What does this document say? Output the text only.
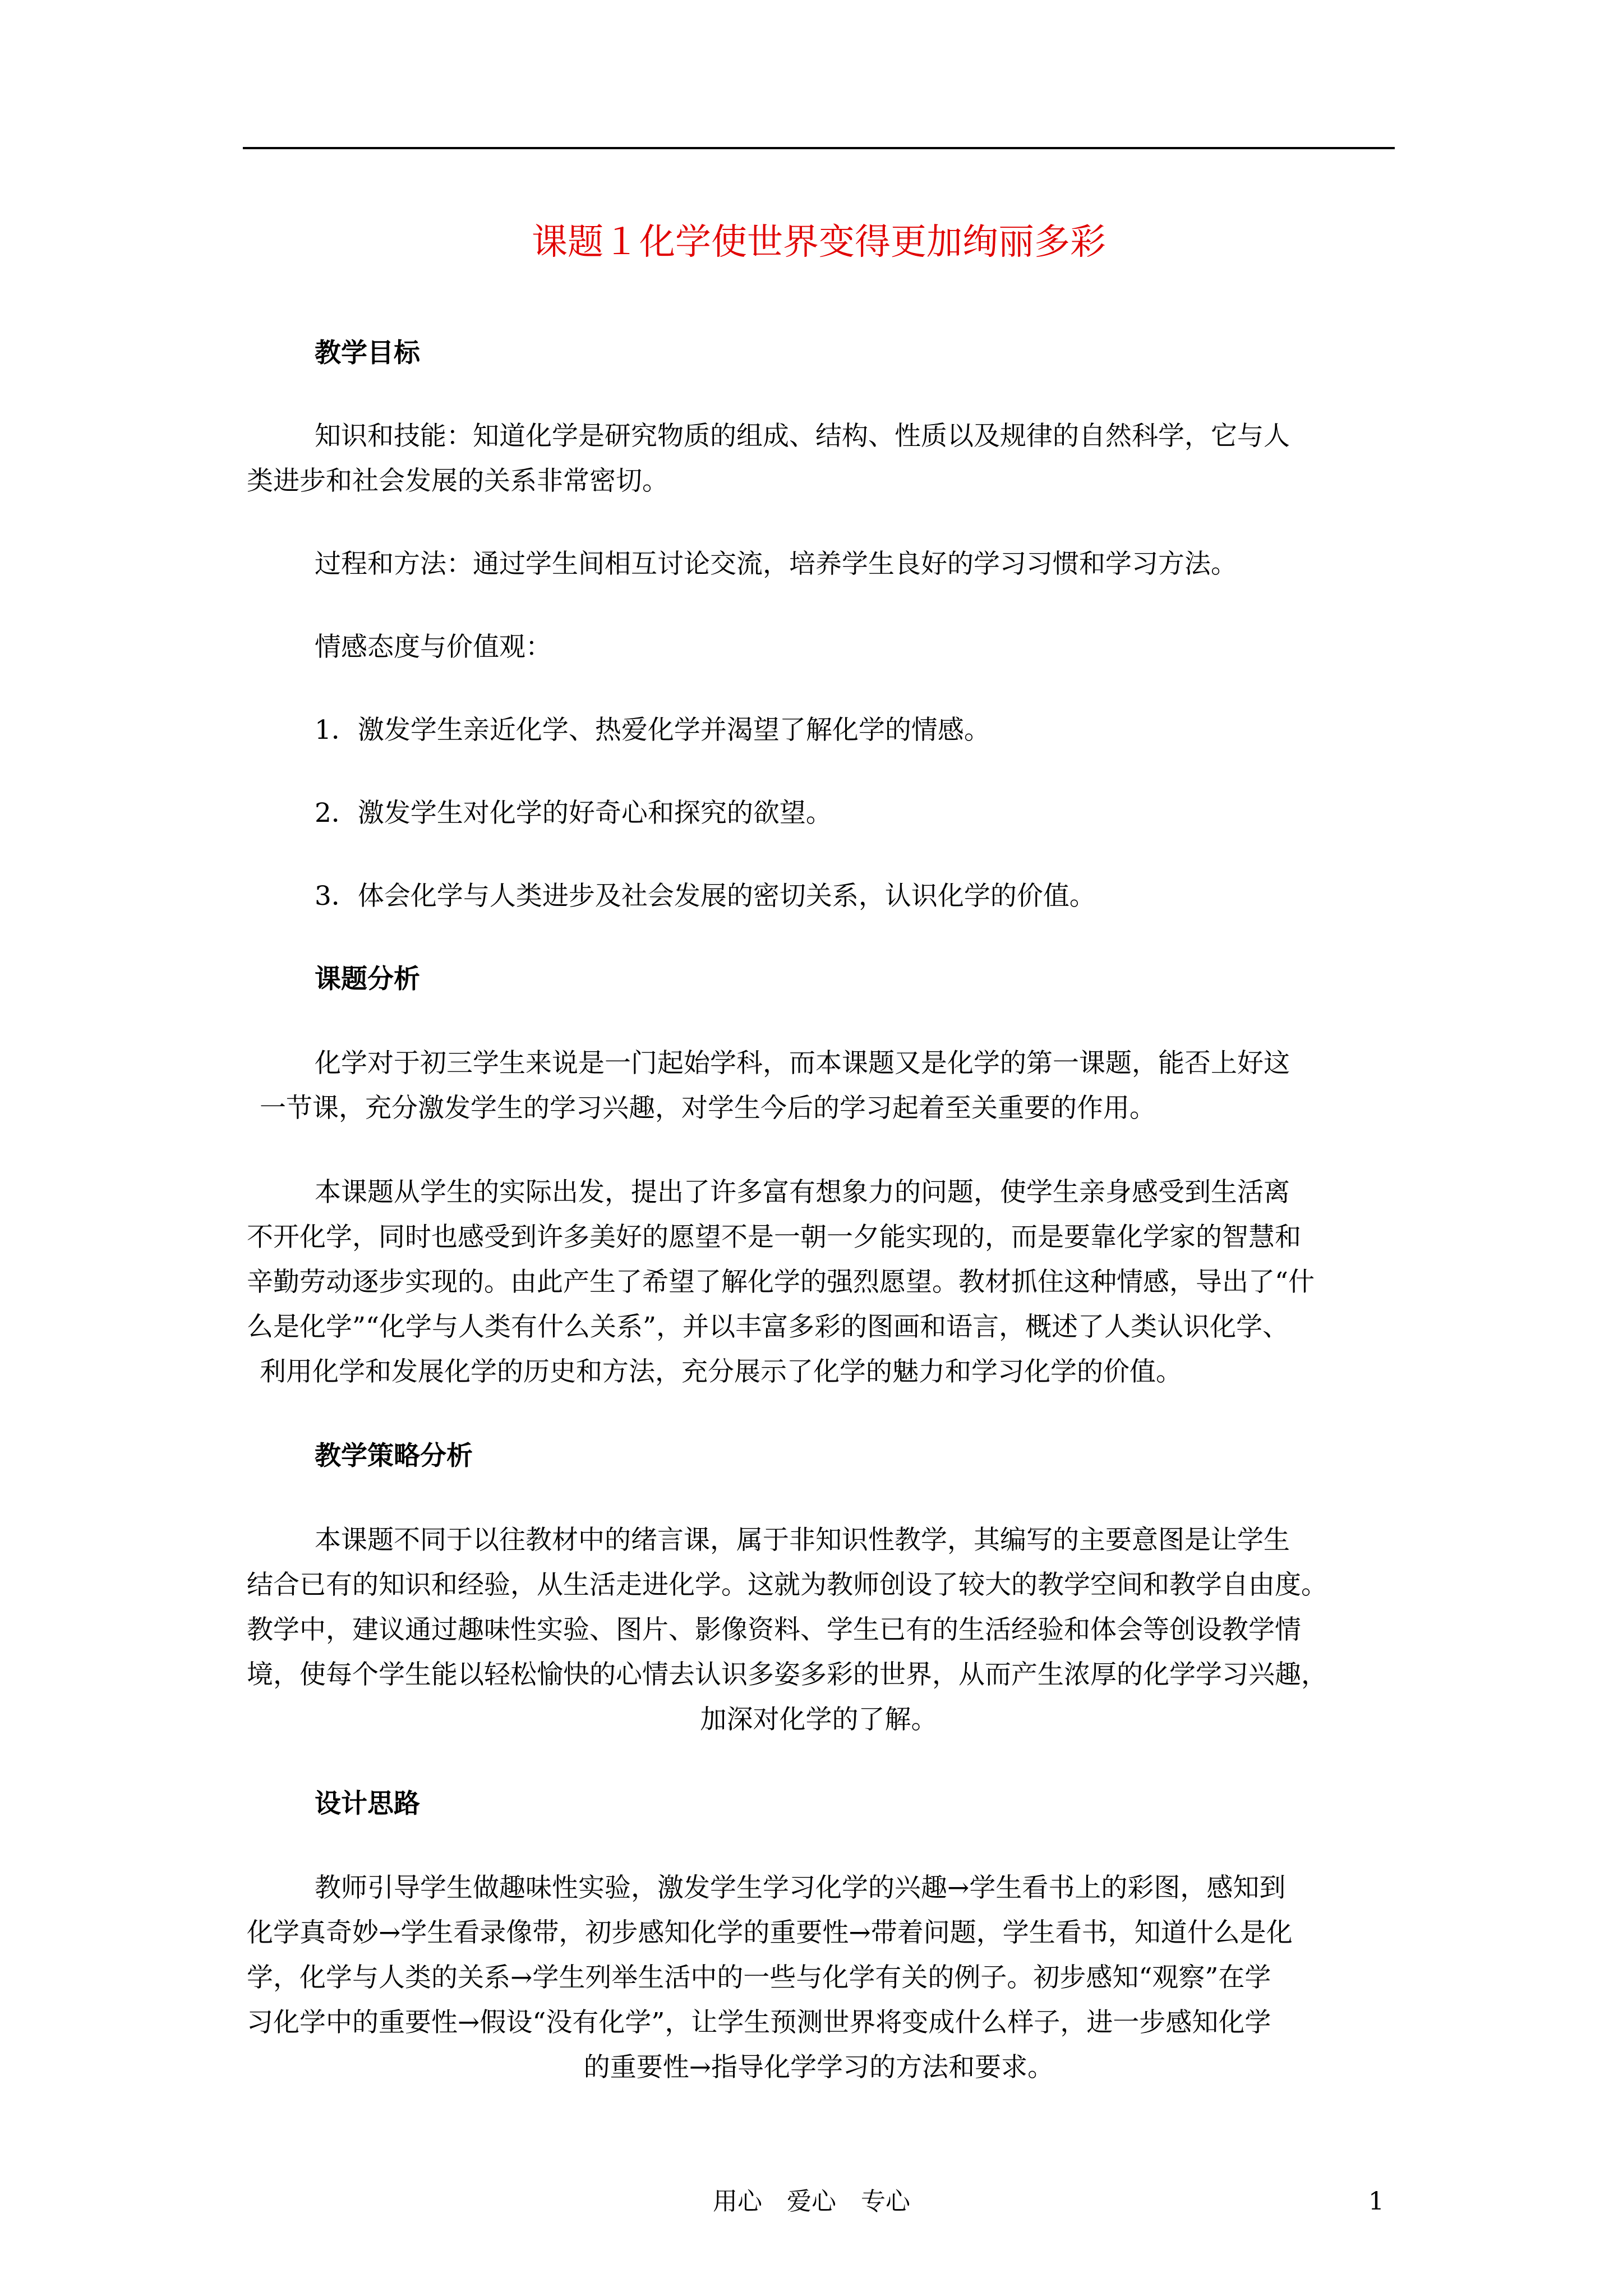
课题１化学使世界变得更加绚丽多彩

教学目标

知识和技能：知道化学是研究物质的组成、结构、性质以及规律的自然科学，它与人

类进步和社会发展的关系非常密切。

过程和方法：通过学生间相互讨论交流，培养学生良好的学习习惯和学习方法。

情感态度与价值观：

1．激发学生亲近化学、热爱化学并渴望了解化学的情感。

2．激发学生对化学的好奇心和探究的欲望。

3．体会化学与人类进步及社会发展的密切关系，认识化学的价值。

课题分析

化学对于初三学生来说是一门起始学科，而本课题又是化学的第一课题，能否上好这

一节课，充分激发学生的学习兴趣，对学生今后的学习起着至关重要的作用。

本课题从学生的实际出发，提出了许多富有想象力的问题，使学生亲身感受到生活离

不开化学，同时也感受到许多美好的愿望不是一朝一夕能实现的，而是要靠化学家的智慧和

辛勤劳动逐步实现的。由此产生了希望了解化学的强烈愿望。教材抓住这种情感，导出了“什

么是化学”“化学与人类有什么关系”，并以丰富多彩的图画和语言，概述了人类认识化学、

利用化学和发展化学的历史和方法，充分展示了化学的魅力和学习化学的价值。

教学策略分析

本课题不同于以往教材中的绪言课，属于非知识性教学，其编写的主要意图是让学生

结合已有的知识和经验，从生活走进化学。这就为教师创设了较大的教学空间和教学自由度。

教学中，建议通过趣味性实验、图片、影像资料、学生已有的生活经验和体会等创设教学情

境，使每个学生能以轻松愉快的心情去认识多姿多彩的世界，从而产生浓厚的化学学习兴趣，

加深对化学的了解。

设计思路

教师引导学生做趣味性实验，激发学生学习化学的兴趣→学生看书上的彩图，感知到

化学真奇妙→学生看录像带，初步感知化学的重要性→带着问题，学生看书，知道什么是化

学，化学与人类的关系→学生列举生活中的一些与化学有关的例子。初步感知“观察”在学

习化学中的重要性→假设“没有化学”，让学生预测世界将变成什么样子，进一步感知化学

的重要性→指导化学学习的方法和要求。

用心　爱心　专心	1
